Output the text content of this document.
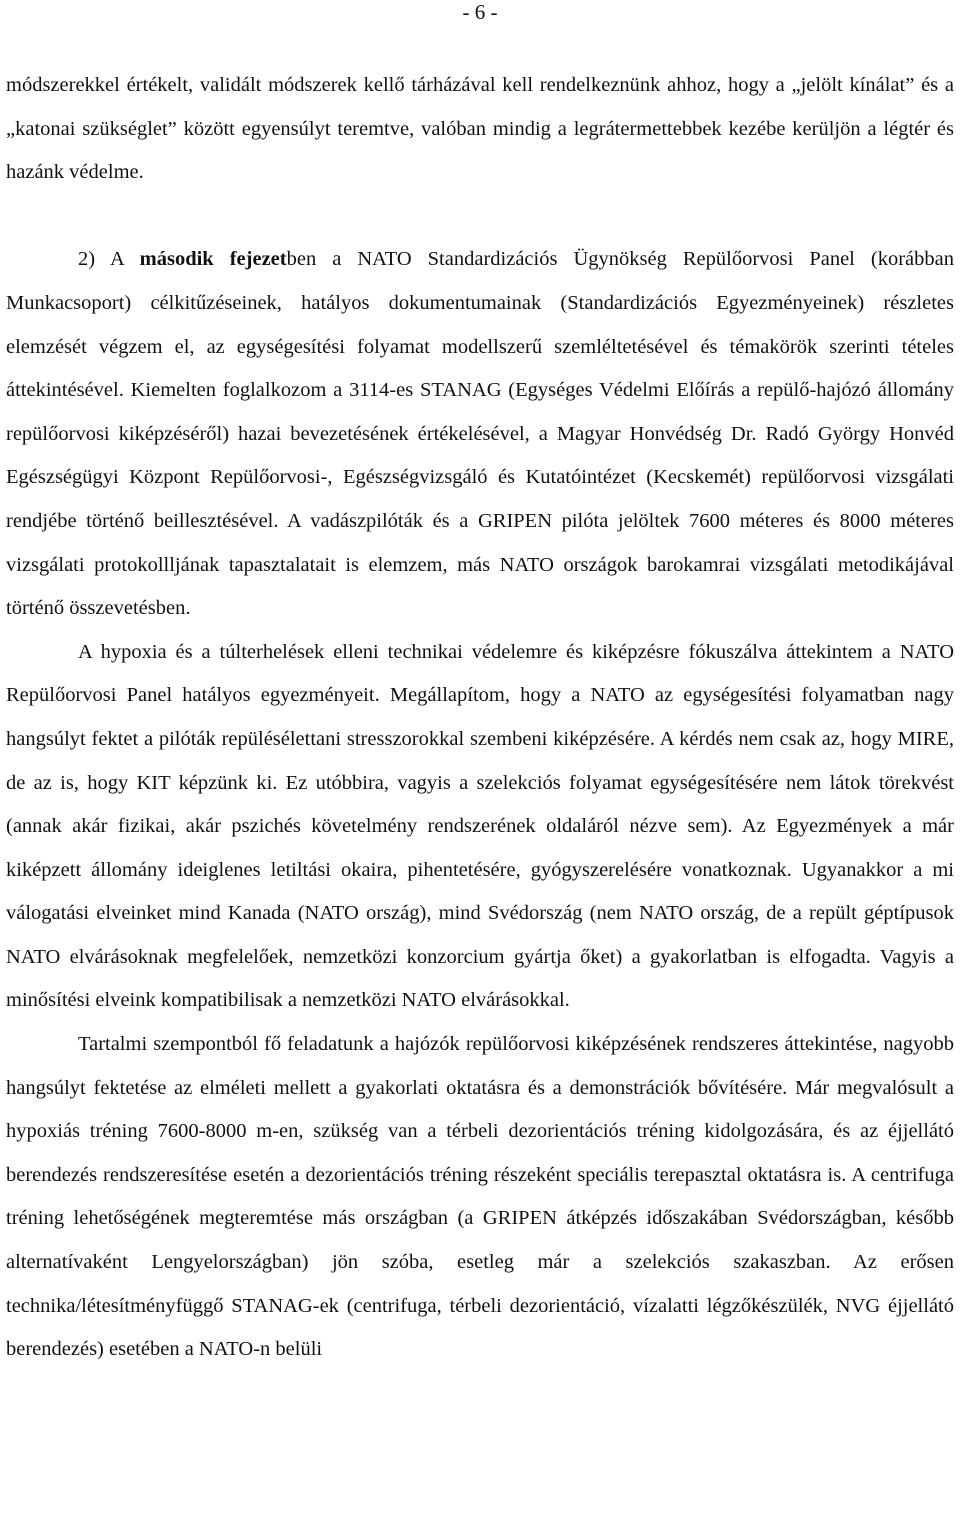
- 6 -

módszerekkel értékelt, validált módszerek kellő tárházával kell rendelkeznünk ahhoz, hogy a „jelölt kínálat” és a „katonai szükséglet” között egyensúlyt teremtve, valóban mindig a legrátermettebbek kezébe kerüljön a légtér és hazánk védelme.

2) A második fejezetben a NATO Standardizációs Ügynökség Repülőorvosi Panel (korábban Munkacsoport) célkitűzéseinek, hatályos dokumentumainak (Standardizációs Egyezményeinek) részletes elemzését végzem el, az egységesítési folyamat modellszerű szemléltetésével és témakörök szerinti tételes áttekintésével. Kiemelten foglalkozom a 3114-es STANAG (Egységes Védelmi Előírás a repülő-hajózó állomány repülőorvosi kiképzéséről) hazai bevezetésének értékelésével, a Magyar Honvédség Dr. Radó György Honvéd Egészségügyi Központ Repülőorvosi-, Egészségvizsgáló és Kutatóintézet (Kecskemét) repülőorvosi vizsgálati rendjébe történő beillesztésével. A vadászpilóták és a GRIPEN pilóta jelöltek 7600 méteres és 8000 méteres vizsgálati protokollljának tapasztalatait is elemzem, más NATO országok barokamrai vizsgálati metodikájával történő összevetésben.

A hypoxia és a túlterhelések elleni technikai védelemre és kiképzésre fókuszálva áttekintem a NATO Repülőorvosi Panel hatályos egyezményeit. Megállapítom, hogy a NATO az egységesítési folyamatban nagy hangsúlyt fektet a pilóták repülésélettani stresszorokkal szembeni kiképzésére. A kérdés nem csak az, hogy MIRE, de az is, hogy KIT képzünk ki. Ez utóbbira, vagyis a szelekciós folyamat egységesítésére nem látok törekvést (annak akár fizikai, akár pszichés követelmény rendszerének oldaláról nézve sem). Az Egyezmények a már kiképzett állomány ideiglenes letiltási okaira, pihentetésére, gyógyszerelésére vonatkoznak. Ugyanakkor a mi válogatási elveinket mind Kanada (NATO ország), mind Svédország (nem NATO ország, de a repült géptípusok NATO elvárásoknak megfelelőek, nemzetközi konzorcium gyártja őket) a gyakorlatban is elfogadta. Vagyis a minősítési elveink kompatibilisak a nemzetközi NATO elvárásokkal.

Tartalmi szempontból fő feladatunk a hajózók repülőorvosi kiképzésének rendszeres áttekintése, nagyobb hangsúlyt fektetése az elméleti mellett a gyakorlati oktatásra és a demonstrációk bővítésére. Már megvalósult a hypoxiás tréning 7600-8000 m-en, szükség van a térbeli dezorientációs tréning kidolgozására, és az éjjellátó berendezés rendszeresítése esetén a dezorientációs tréning részeként speciális terepasztal oktatásra is. A centrifuga tréning lehetőségének megteremtése más országban (a GRIPEN átképzés időszakában Svédországban, később alternatívaként Lengyelországban) jön szóba, esetleg már a szelekciós szakaszban. Az erősen technika/létesítményfüggő STANAG-ek (centrifuga, térbeli dezorientáció, vízalatti légzőkészülék, NVG éjjellátó berendezés) esetében a NATO-n belüli
